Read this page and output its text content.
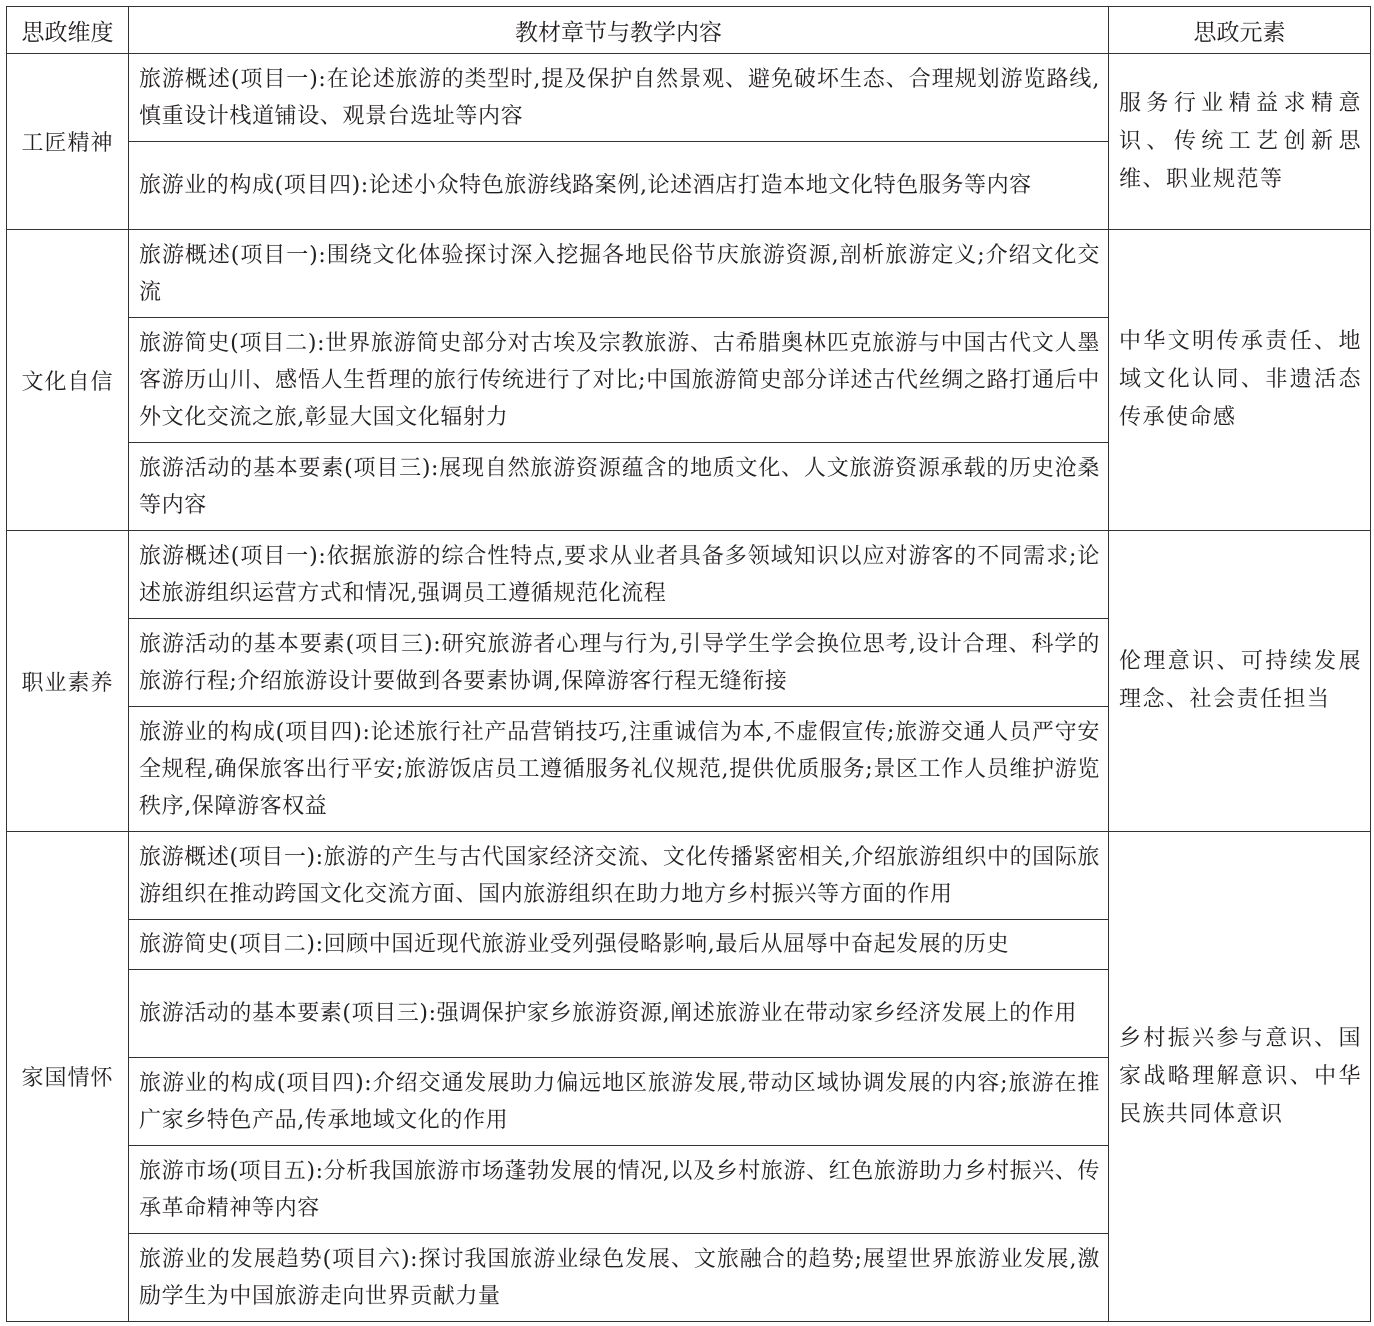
思政维度	教材章节与教学内容	思政元素
工匠精神	旅游概述(项目一):在论述旅游的类型时,提及保护自然景观、避免破坏生态、合理规划游览路线,慎重设计栈道铺设、观景台选址等内容	服务行业精益求精意识、传统工艺创新思维、职业规范等
	旅游业的构成(项目四):论述小众特色旅游线路案例,论述酒店打造本地文化特色服务等内容	
文化自信	旅游概述(项目一):围绕文化体验探讨深入挖掘各地民俗节庆旅游资源,剖析旅游定义;介绍文化交流	中华文明传承责任、地域文化认同、非遗活态传承使命感
	旅游简史(项目二):世界旅游简史部分对古埃及宗教旅游、古希腊奥林匹克旅游与中国古代文人墨客游历山川、感悟人生哲理的旅行传统进行了对比;中国旅游简史部分详述古代丝绸之路打通后中外文化交流之旅,彰显大国文化辐射力	
	旅游活动的基本要素(项目三):展现自然旅游资源蕴含的地质文化、人文旅游资源承载的历史沧桑等内容	
职业素养	旅游概述(项目一):依据旅游的综合性特点,要求从业者具备多领域知识以应对游客的不同需求;论述旅游组织运营方式和情况,强调员工遵循规范化流程	伦理意识、可持续发展理念、社会责任担当
	旅游活动的基本要素(项目三):研究旅游者心理与行为,引导学生学会换位思考,设计合理、科学的旅游行程;介绍旅游设计要做到各要素协调,保障游客行程无缝衔接	
	旅游业的构成(项目四):论述旅行社产品营销技巧,注重诚信为本,不虚假宣传;旅游交通人员严守安全规程,确保旅客出行平安;旅游饭店员工遵循服务礼仪规范,提供优质服务;景区工作人员维护游览秩序,保障游客权益	
家国情怀	旅游概述(项目一):旅游的产生与古代国家经济交流、文化传播紧密相关,介绍旅游组织中的国际旅游组织在推动跨国文化交流方面、国内旅游组织在助力地方乡村振兴等方面的作用	乡村振兴参与意识、国家战略理解意识、中华民族共同体意识
	旅游简史(项目二):回顾中国近现代旅游业受列强侵略影响,最后从屈辱中奋起发展的历史	
	旅游活动的基本要素(项目三):强调保护家乡旅游资源,阐述旅游业在带动家乡经济发展上的作用	
	旅游业的构成(项目四):介绍交通发展助力偏远地区旅游发展,带动区域协调发展的内容;旅游在推广家乡特色产品,传承地域文化的作用	
	旅游市场(项目五):分析我国旅游市场蓬勃发展的情况,以及乡村旅游、红色旅游助力乡村振兴、传承革命精神等内容	
	旅游业的发展趋势(项目六):探讨我国旅游业绿色发展、文旅融合的趋势;展望世界旅游业发展,激励学生为中国旅游走向世界贡献力量	
